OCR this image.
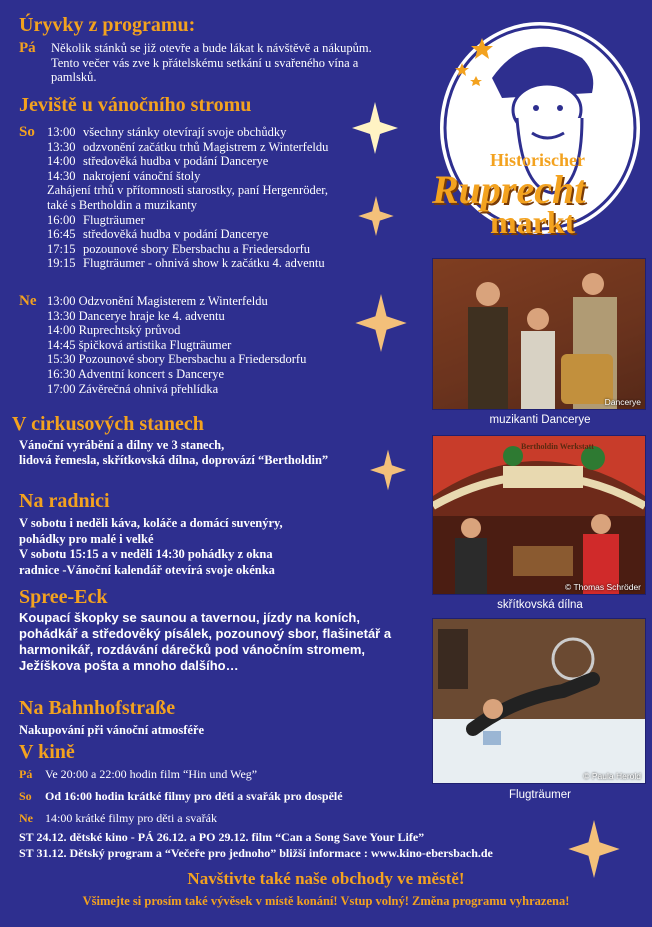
Úryvky z programu:
Pá Několik stánků se již otevře a bude lákat k návštěvě a nákupům.
Tento večer vás zve k přátelskému setkání u svařeného vína a
pamlsků.
Jeviště u vánočního stromu
So 13:00 všechny stánky otevírají svoje obchůdky
13:30 odzvonění začátku trhů Magistrem z Winterfeldu
14:00 středověká hudba v podání Danceryе
14:30 nakrojení vánoční štoly
Zahájení trhů v přítomnosti starostky, paní Hergenröder,
také s Bertholdin a muzikanty
16:00 Flugträumer
16:45 středověká hudba v podání Dancerye
17:15 pozounové sbory Ebersbachu a Friedersdorfu
19:15 Flugträumer - ohnivá show k začátku 4. adventu
Ne 13:00 Odzvonění Magisterem z Winterfeldu
13:30 Dancerye hraje ke 4. adventu
14:00 Ruprechtský průvod
14:45 špičková artistika Flugträumer
15:30 Pozounové sbory Ebersbachu a Friedersdorfu
16:30 Adventní koncert s Dancerye
17:00 Závěrečná ohnivá přehlídka
V cirkusových stanech
Vánoční vyrábění a dílny ve 3 stanech,
lidová řemesla, skřítkovská dílna, doprovází “Bertholdin”
Na radnici
V sobotu i neděli káva, koláče a domácí suvenýry,
pohádky pro malé i velké
V sobotu 15:15 a v neděli 14:30 pohádky z okna
radnice -Vánoční kalendář otevírá svoje okénka
Spree-Eck
Koupací škopky se saunou a tavernou, jízdy na koních,
pohádkář a středověký písálek, pozounový sbor, flašinetář a
harmonikář, rozdávání dárečků pod vánočním stromem,
Ježíškova pošta a mnoho dalšího…
Na Bahnhofstraße
Nakupování při vánoční atmosféře
V kině
Pá	Ve 20:00 a 22:00 hodin film “Hin und Weg”
So	Od 16:00 hodin krátké filmy pro děti a svařák pro dospělé
Ne	14:00 krátké filmy pro děti a svařák
ST 24.12. dětské kino - PÁ 26.12. a PO 29.12. film “Can a Song Save Your Life”
ST 31.12. Dětský program a “Večeře pro jednoho” bližší informace : www.kino-ebersbach.de
Navštivte také naše obchody ve městě!
Všimejte si prosím také vývěsek v místě konání! Vstup volný! Změna programu vyhrazena!
Historischer
Ruprecht
markt
Dancerye
muzikanti Dancerye
Bertholdin Werkstatt
© Thomas Schröder
skřítkovská dílna
© Paula Herold
Flugträumer
